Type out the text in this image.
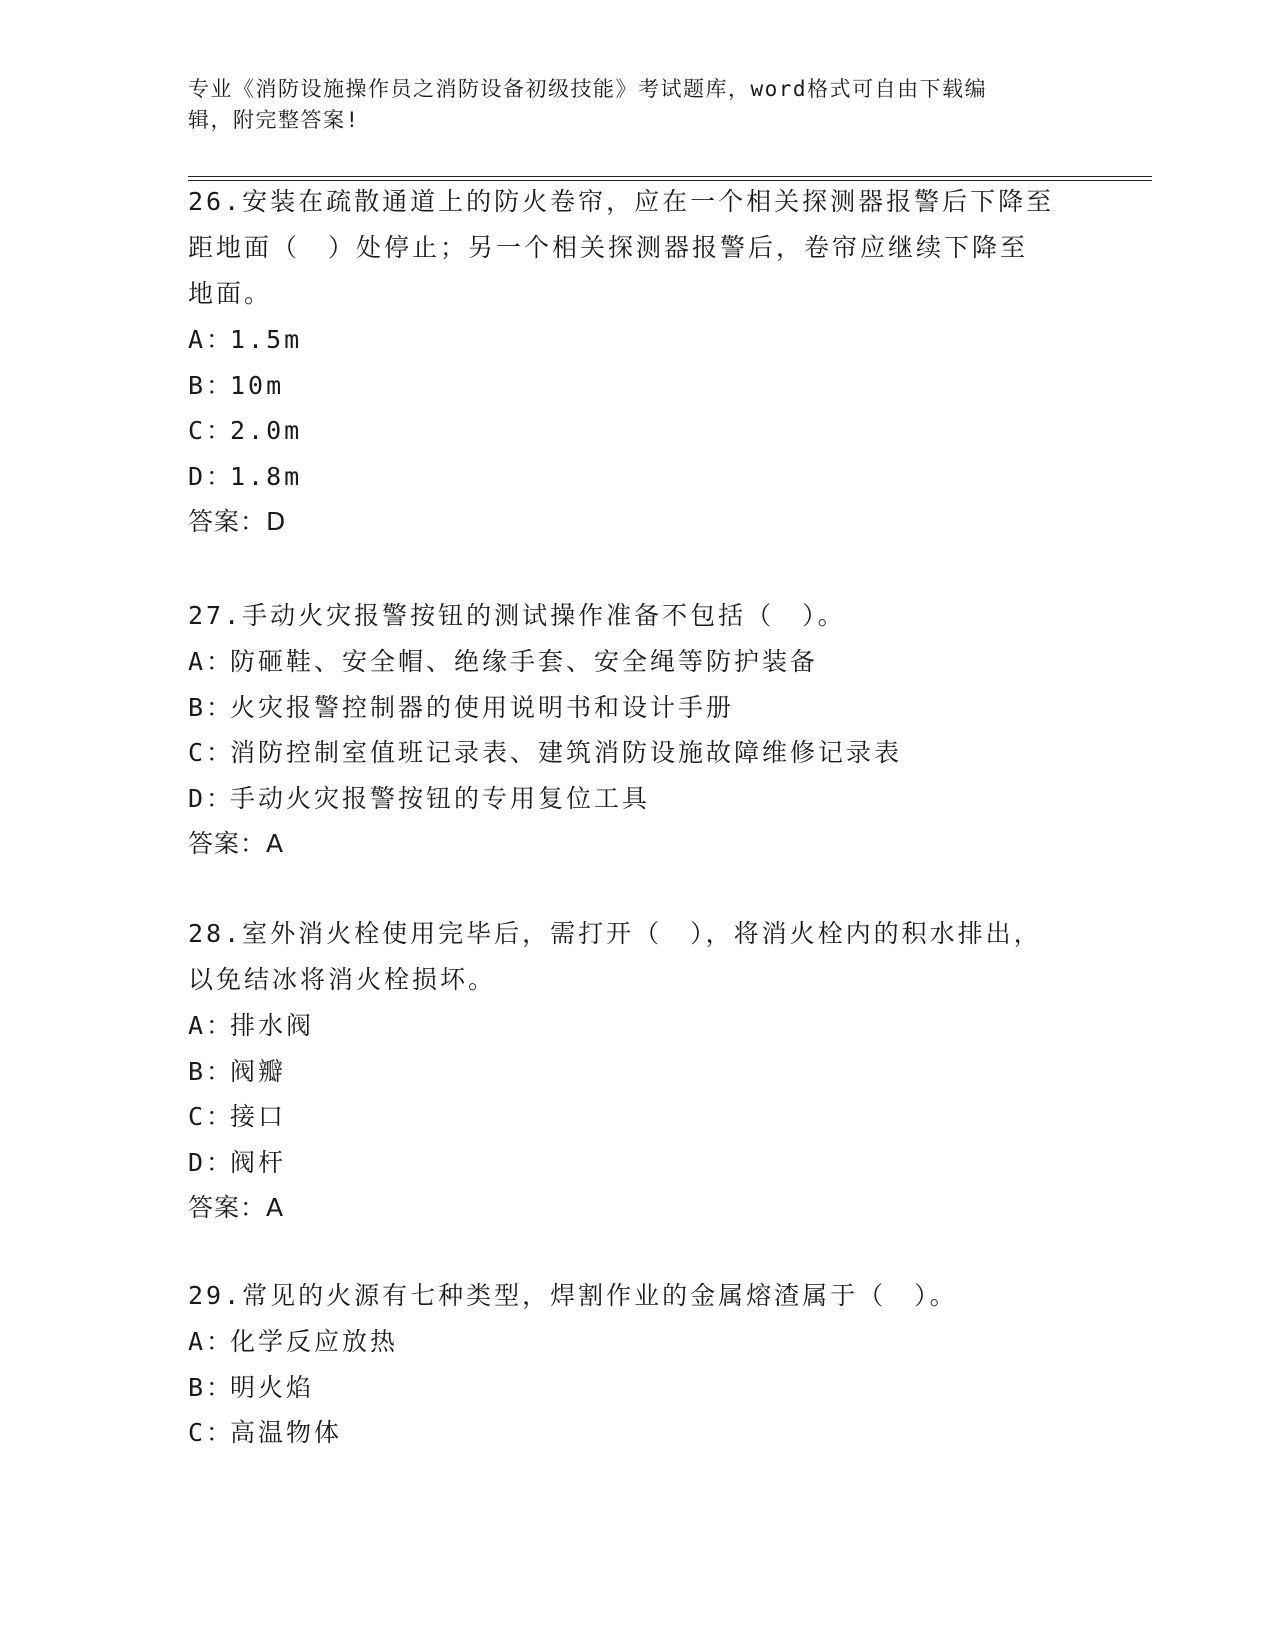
专业《消防设施操作员之消防设备初级技能》考试题库，word格式可自由下载编
辑，附完整答案!
26.安装在疏散通道上的防火卷帘，应在一个相关探测器报警后下降至
距地面（　）处停止；另一个相关探测器报警后，卷帘应继续下降至
地面。
A：1.5m
B：10m
C：2.0m
D：1.8m
答案：D
27.手动火灾报警按钮的测试操作准备不包括（　）。
A：防砸鞋、安全帽、绝缘手套、安全绳等防护装备
B：火灾报警控制器的使用说明书和设计手册
C：消防控制室值班记录表、建筑消防设施故障维修记录表
D：手动火灾报警按钮的专用复位工具
答案：A
28.室外消火栓使用完毕后，需打开（　），将消火栓内的积水排出，
以免结冰将消火栓损坏。
A：排水阀
B：阀瓣
C：接口
D：阀杆
答案：A
29.常见的火源有七种类型，焊割作业的金属熔渣属于（　）。
A：化学反应放热
B：明火焰
C：高温物体
